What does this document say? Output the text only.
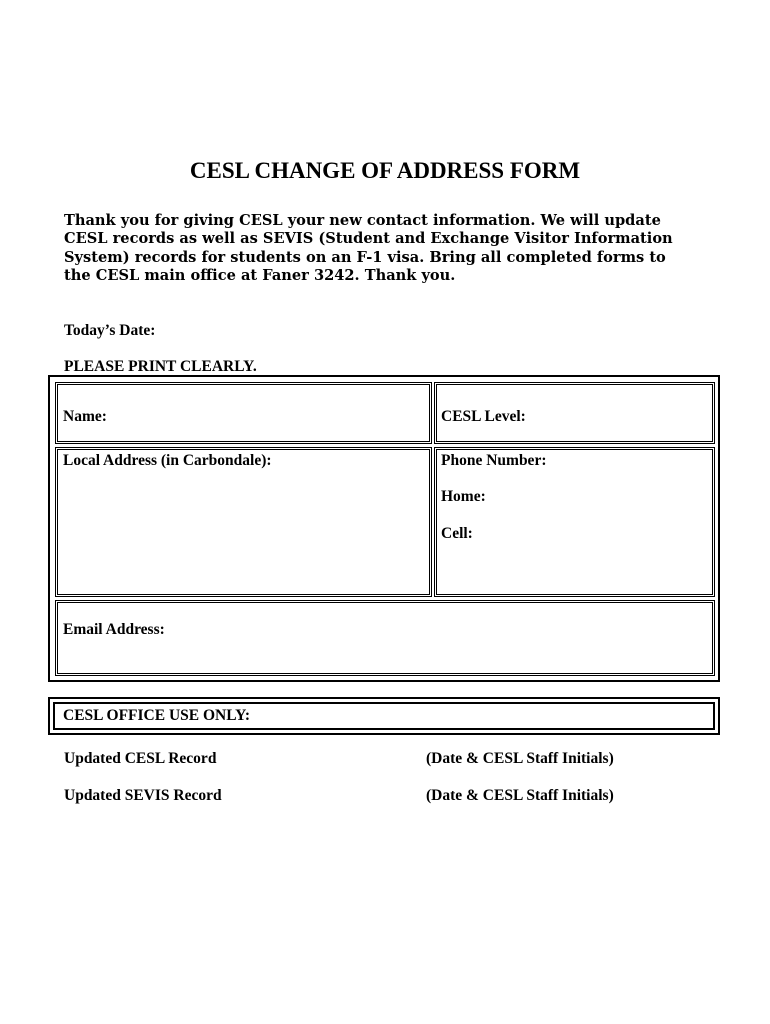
CESL CHANGE OF ADDRESS FORM
Thank you for giving CESL your new contact information. We will update
CESL records as well as SEVIS (Student and Exchange Visitor Information
System) records for students on an F-1 visa. Bring all completed forms to
the CESL main office at Faner 3242. Thank you.
Today’s Date:
PLEASE PRINT CLEARLY.
Name:	CESL Level:
Local Address (in Carbondale):	Phone Number:
Home:
Cell:
Email Address:
CESL OFFICE USE ONLY:
Updated CESL Record	(Date & CESL Staff Initials)
Updated SEVIS Record	(Date & CESL Staff Initials)
